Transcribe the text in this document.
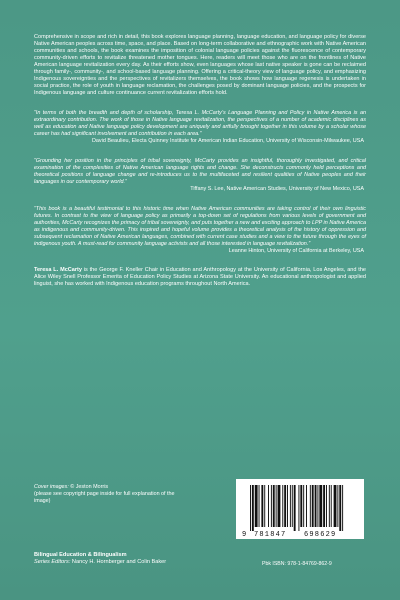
Comprehensive in scope and rich in detail, this book explores language planning, language education, and language policy for diverse Native American peoples across time, space, and place. Based on long-term collaborative and ethnographic work with Native American communities and schools, the book examines the imposition of colonial language policies against the fluorescence of contemporary community-driven efforts to revitalize threatened mother tongues. Here, readers will meet those who are on the frontlines of Native American language revitalization every day. As their efforts show, even languages whose last native speaker is gone can be reclaimed through family-, community-, and school-based language planning. Offering a critical-theory view of language policy, and emphasizing Indigenous sovereignties and the perspectives of revitalizers themselves, the book shows how language regenesis is undertaken in social practice, the role of youth in language reclamation, the challenges posed by dominant language policies, and the prospects for Indigenous language and culture continuance current revitalization efforts hold.

“In terms of both the breadth and depth of scholarship, Teresa L. McCarty’s Language Planning and Policy in Native America is an extraordinary contribution. The work of those in Native language revitalization, the perspectives of a number of academic disciplines as well as education and Native language policy development are uniquely and artfully brought together in this volume by a scholar whose career has had significant involvement and contribution in each area.”

David Beaulieu, Electa Quinney Institute for American Indian Education, University of Wisconsin-Milwaukee, USA

“Grounding her position in the principles of tribal sovereignty, McCarty provides an insightful, thoroughly investigated, and critical examination of the complexities of Native American language rights and change. She deconstructs commonly held perceptions and theoretical positions of language change and re-introduces us to the multifaceted and resilient qualities of Native peoples and their languages in our contemporary world.”

Tiffany S. Lee, Native American Studies, University of New Mexico, USA

“This book is a beautiful testimonial to this historic time when Native American communities are taking control of their own linguistic futures. In contrast to the view of language policy as primarily a top-down set of regulations from various levels of government and authorities, McCarty recognizes the primacy of tribal sovereignty, and puts together a new and exciting approach to LPP in Native America as indigenous and community-driven. This inspired and hopeful volume provides a theoretical analysis of the history of oppression and subsequent reclamation of Native American languages, combined with current case studies and a view to the future through the eyes of indigenous youth. A must-read for community language activists and all those interested in language revitalization.”

Leanne Hinton, University of California at Berkeley, USA

Teresa L. McCarty is the George F. Kneller Chair in Education and Anthropology at the University of California, Los Angeles, and the Alice Wiley Snell Professor Emerita of Education Policy Studies at Arizona State University. An educational anthropologist and applied linguist, she has worked with Indigenous education programs throughout North America.

Cover images: © Jeston Morris
(please see copyright page inside for full explanation of the image)
9 781847	698629
Bilingual Education & Bilingualism
Series Editors: Nancy H. Hornberger and Colin Baker	Pbk ISBN: 978-1-84769-862-9
